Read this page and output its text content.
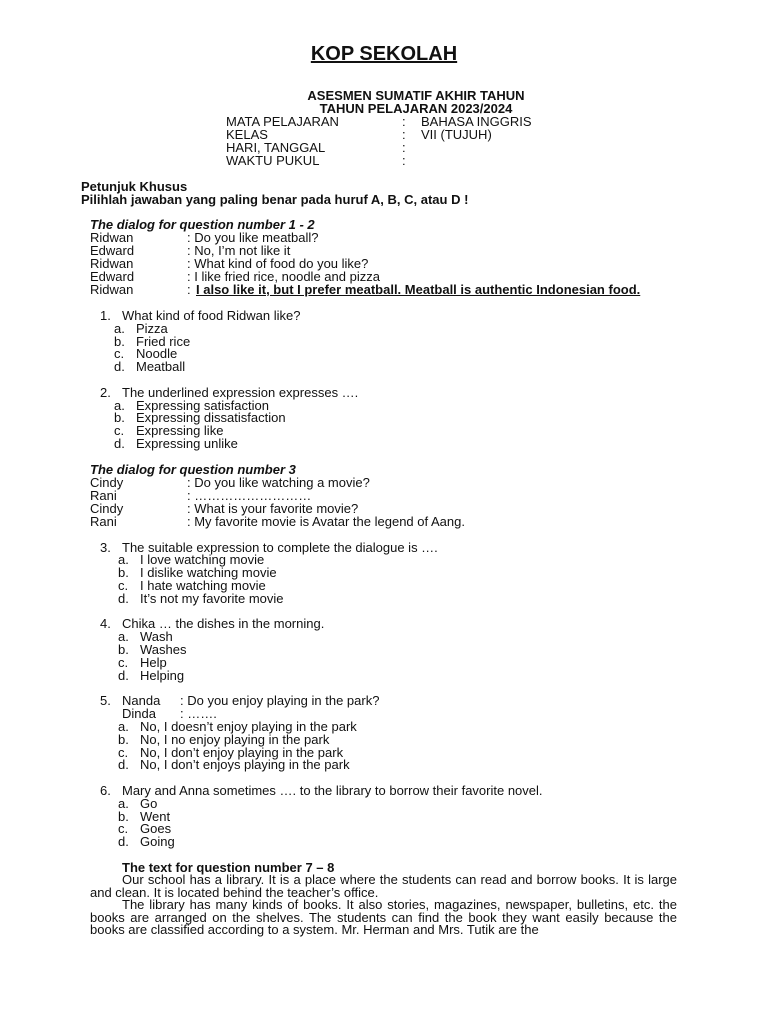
KOP SEKOLAH
ASESMEN SUMATIF AKHIR TAHUN
TAHUN PELAJARAN 2023/2024
MATA PELAJARAN	: BAHASA INGGRIS
KELAS	: VII (TUJUH)
HARI, TANGGAL	:
WAKTU PUKUL	:
Petunjuk Khusus
Pilihlah jawaban yang paling benar pada huruf A, B, C, atau D !
The dialog for question number 1 - 2
Ridwan	: Do you like meatball?
Edward	: No, I’m not like it
Ridwan	: What kind of food do you like?
Edward	: I like fried rice, noodle and pizza
Ridwan	: I also like it, but I prefer meatball. Meatball is authentic Indonesian food.
1. What kind of food Ridwan like?
a. Pizza
b. Fried rice
c. Noodle
d. Meatball
2. The underlined expression expresses ….
a. Expressing satisfaction
b. Expressing dissatisfaction
c. Expressing like
d. Expressing unlike
The dialog for question number 3
Cindy	: Do you like watching a movie?
Rani	: ………………………
Cindy	: What is your favorite movie?
Rani	: My favorite movie is Avatar the legend of Aang.
3. The suitable expression to complete the dialogue is ….
a. I love watching movie
b. I dislike watching movie
c. I hate watching movie
d. It’s not my favorite movie
4. Chika … the dishes in the morning.
a. Wash
b. Washes
c. Help
d. Helping
5. Nanda : Do you enjoy playing in the park?
Dinda : …….
a. No, I doesn’t enjoy playing in the park
b. No, I no enjoy playing in the park
c. No, I don’t enjoy playing in the park
d. No, I don’t enjoys playing in the park
6. Mary and Anna sometimes …. to the library to borrow their favorite novel.
a. Go
b. Went
c. Goes
d. Going
The text for question number 7 – 8
Our school has a library. It is a place where the students can read and borrow books. It is large and clean. It is located behind the teacher’s office.
The library has many kinds of books. It also stories, magazines, newspaper, bulletins, etc. the books are arranged on the shelves. The students can find the book they want easily because the books are classified according to a system. Mr. Herman and Mrs. Tutik are the
